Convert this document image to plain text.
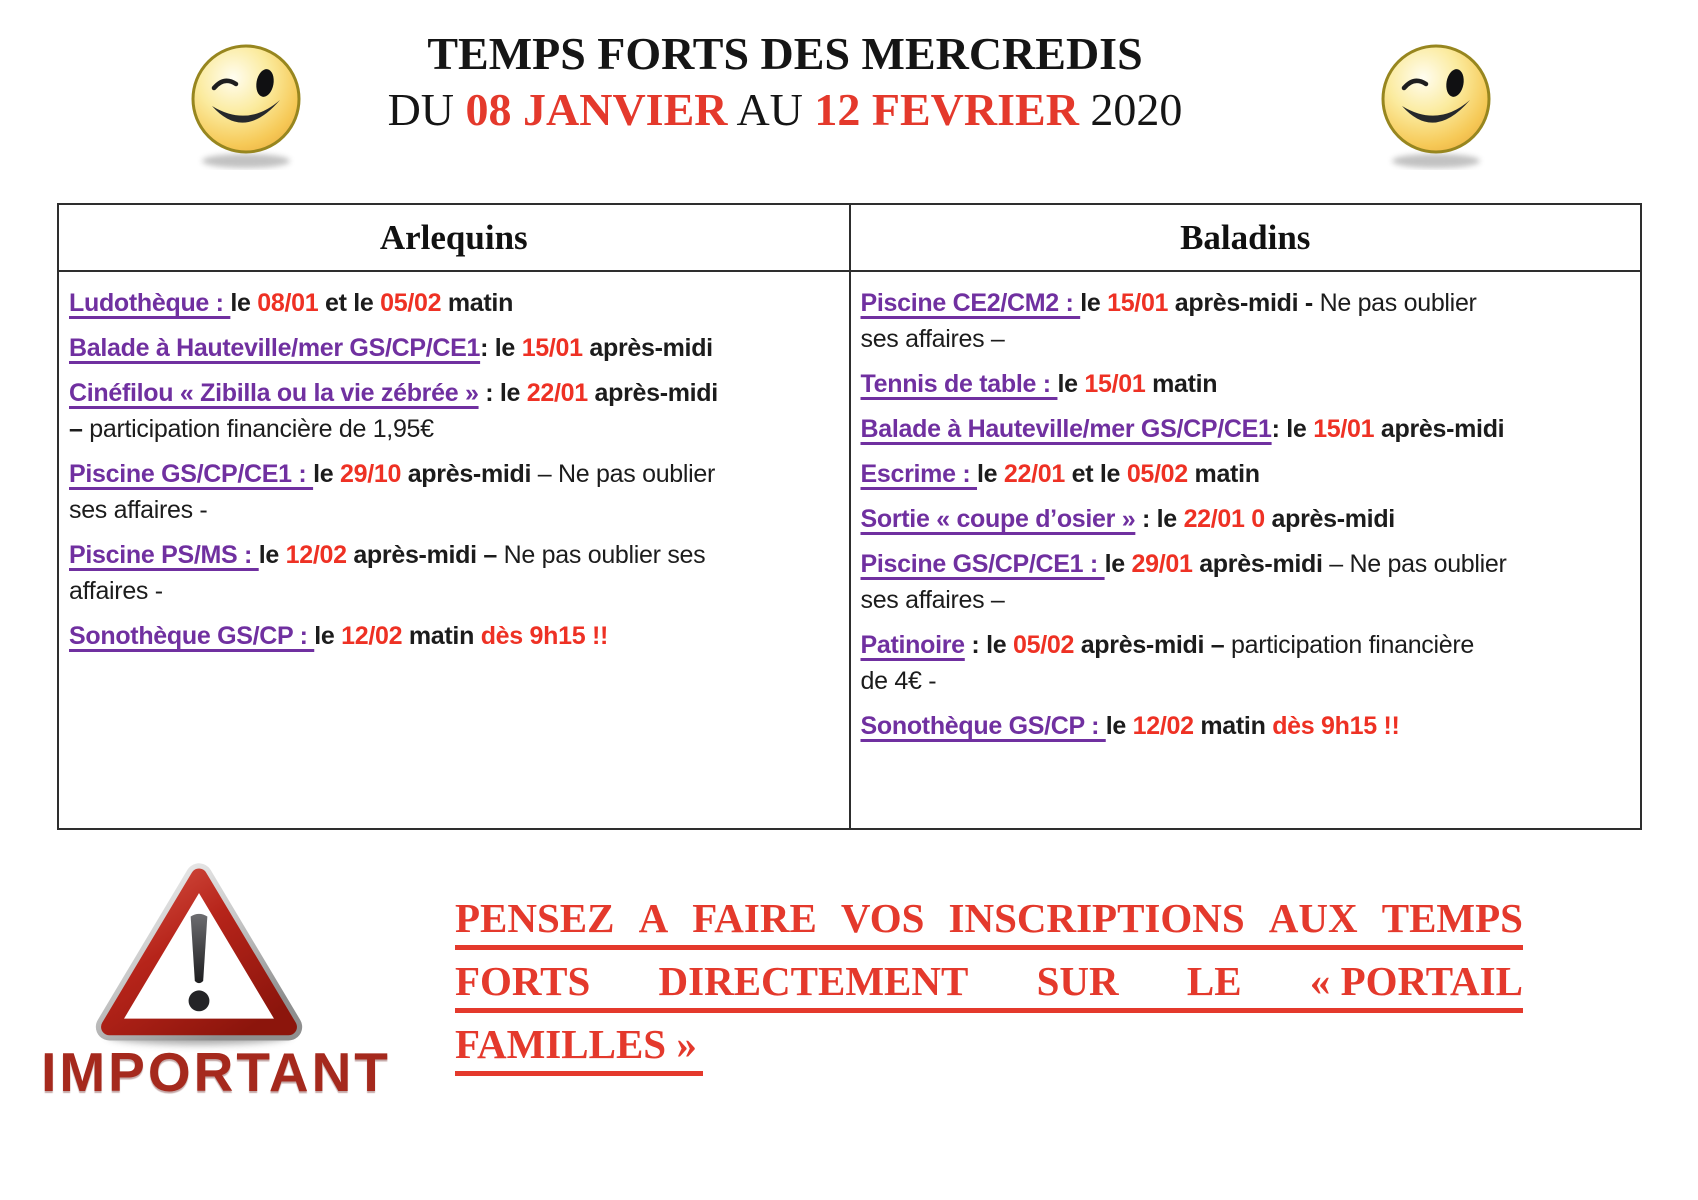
TEMPS FORTS DES MERCREDIS
DU 08 JANVIER AU 12 FEVRIER 2020
Arlequins	Baladins

Ludothèque : le 08/01 et le 05/02 matin

Balade à Hauteville/mer GS/CP/CE1: le 15/01 après-midi

Cinéfilou « Zibilla ou la vie zébrée » : le 22/01 après-midi
– participation financière de 1,95€

Piscine GS/CP/CE1 : le 29/10 après-midi – Ne pas oublier
ses affaires -

Piscine PS/MS : le 12/02 après-midi – Ne pas oublier ses
affaires -

Sonothèque GS/CP : le 12/02 matin dès 9h15 !!

Piscine CE2/CM2 : le 15/01 après-midi - Ne pas oublier
ses affaires –

Tennis de table : le 15/01 matin

Balade à Hauteville/mer GS/CP/CE1: le 15/01 après-midi

Escrime : le 22/01 et le 05/02 matin

Sortie « coupe d’osier » : le 22/01 0 après-midi

Piscine GS/CP/CE1 : le 29/01 après-midi – Ne pas oublier
ses affaires –

Patinoire : le 05/02 après-midi – participation financière
de 4€ -

Sonothèque GS/CP : le 12/02 matin dès 9h15 !!

IMPORTANT
PENSEZ A FAIRE VOS INSCRIPTIONS AUX TEMPS
FORTS DIRECTEMENT SUR LE « PORTAIL
FAMILLES »
